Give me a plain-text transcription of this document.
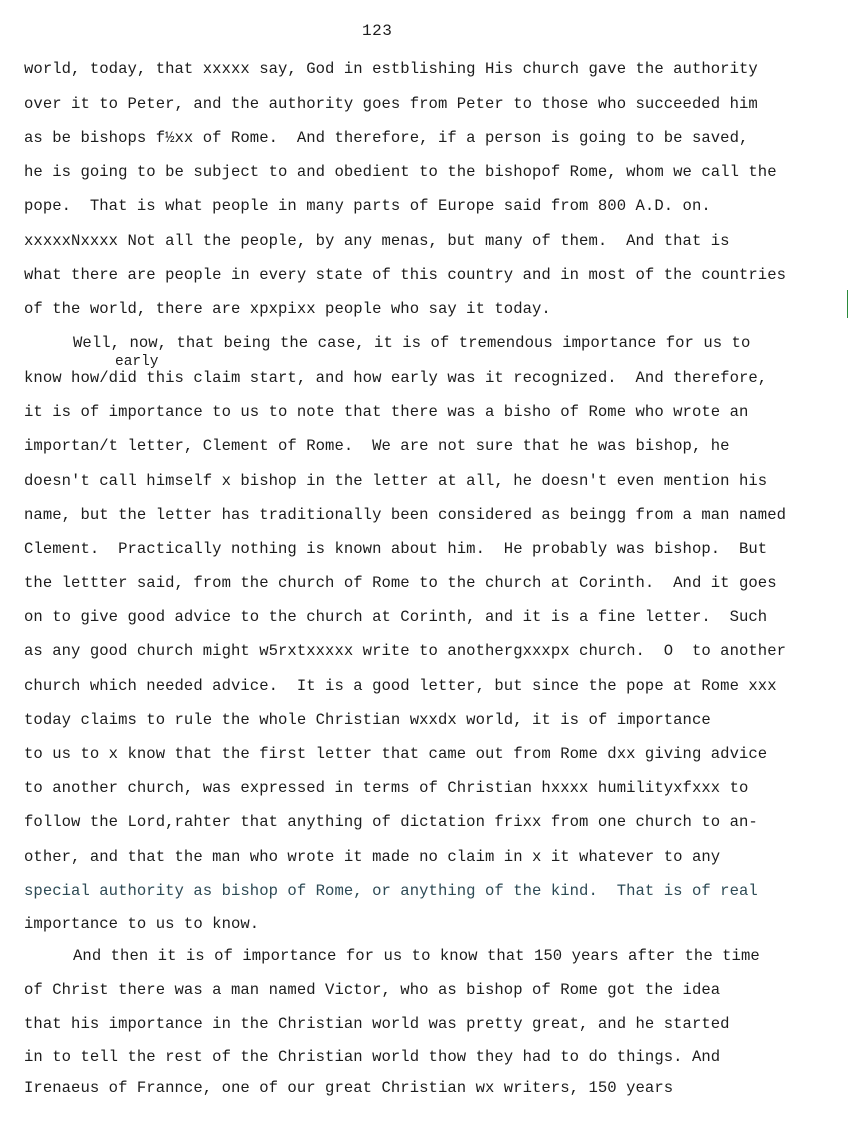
123
early
world, today, that xxxxx say, God in estblishing His church gave the authority
over it to Peter, and the authority goes from Peter to those who succeeded him
as be bishops f½xx of Rome.  And therefore, if a person is going to be saved,
he is going to be subject to and obedient to the bishopof Rome, whom we call the
pope.  That is what people in many parts of Europe said from 800 A.D. on.
xxxxxNxxxx Not all the people, by any menas, but many of them.  And that is
what there are people in every state of this country and in most of the countries
of the world, there are xpxpixx people who say it today.
Well, now, that being the case, it is of tremendous importance for us to
know how/did this claim start, and how early was it recognized.  And therefore,
it is of importance to us to note that there was a bisho of Rome who wrote an
importan/t letter, Clement of Rome.  We are not sure that he was bishop, he
doesn't call himself x bishop in the letter at all, he doesn't even mention his
name, but the letter has traditionally been considered as beingg from a man named
Clement.  Practically nothing is known about him.  He probably was bishop.  But
the lettter said, from the church of Rome to the church at Corinth.  And it goes
on to give good advice to the church at Corinth, and it is a fine letter.  Such
as any good church might w5rxtxxxxx write to anothergxxxpx church.  O  to another
church which needed advice.  It is a good letter, but since the pope at Rome xxx
today claims to rule the whole Christian wxxdx world, it is of importance
to us to x know that the first letter that came out from Rome dxx giving advice
to another church, was expressed in terms of Christian hxxxx humilityxfxxx to
follow the Lord,rahter that anything of dictation frixx from one church to an-
other, and that the man who wrote it made no claim in x it whatever to any
special authority as bishop of Rome, or anything of the kind.  That is of real
importance to us to know.
And then it is of importance for us to know that 150 years after the time
of Christ there was a man named Victor, who as bishop of Rome got the idea
that his importance in the Christian world was pretty great, and he started
in to tell the rest of the Christian world thow they had to do things. And
Irenaeus of Frannce, one of our great Christian wx writers, 150 years
